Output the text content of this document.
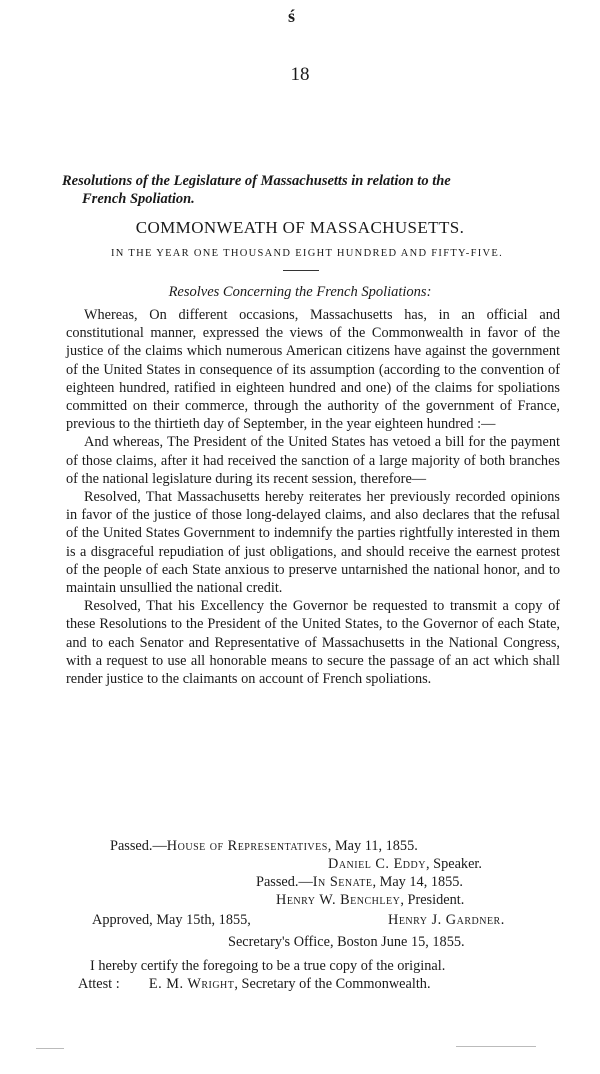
ś
18
Resolutions of the Legislature of Massachusetts in relation to the
French Spoliation.
COMMONWEATH OF MASSACHUSETTS.
IN THE YEAR ONE THOUSAND EIGHT HUNDRED AND FIFTY-FIVE.
Resolves Concerning the French Spoliations:

Whereas, On different occasions, Massachusetts has, in an official and constitutional manner, expressed the views of the Commonwealth in favor of the justice of the claims which numerous American citizens have against the government of the United States in consequence of its assumption (according to the convention of eighteen hundred, ratified in eighteen hundred and one) of the claims for spoliations committed on their commerce, through the authority of the government of France, previous to the thirtieth day of September, in the year eighteen hundred :—

And whereas, The President of the United States has vetoed a bill for the payment of those claims, after it had received the sanction of a large majority of both branches of the national legislature during its recent session, therefore—

Resolved, That Massachusetts hereby reiterates her previously recorded opinions in favor of the justice of those long-delayed claims, and also declares that the refusal of the United States Government to indemnify the parties rightfully interested in them is a disgraceful repudiation of just obligations, and should receive the earnest protest of the people of each State anxious to preserve untarnished the national honor, and to maintain unsullied the national credit.

Resolved, That his Excellency the Governor be requested to transmit a copy of these Resolutions to the President of the United States, to the Governor of each State, and to each Senator and Representative of Massachusetts in the National Congress, with a request to use all honorable means to secure the passage of an act which shall render justice to the claimants on account of French spoliations.

Passed.—House of Representatives, May 11, 1855.
Daniel C. Eddy, Speaker.
Passed.—In Senate, May 14, 1855.
Henry W. Benchley, President.
Approved, May 15th, 1855,	Henry J. Gardner.
Secretary's Office, Boston June 15, 1855.
I hereby certify the foregoing to be a true copy of the original.
Attest : E. M. Wright, Secretary of the Commonwealth.
